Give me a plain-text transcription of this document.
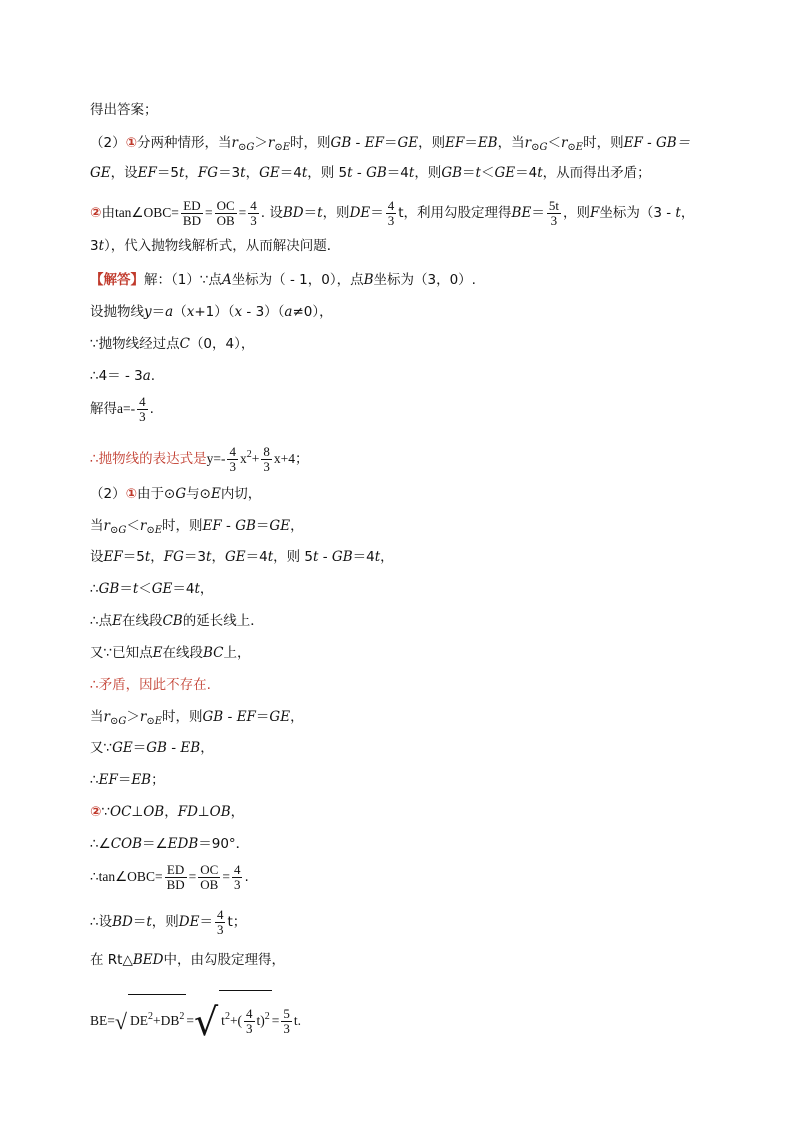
得出答案；
（2）①分两种情形，当$r_{⊙G}>r_{⊙E}$时，则GB - EF＝GE，则EF＝EB，当$r_{⊙G}<r_{⊙E}$时，则EF - GB＝
GE，设EF＝5t，FG＝3t，GE＝4t，则 5t - GB＝4t，则GB＝t＜GE＝4t，从而得出矛盾；
②由tan∠OBC= $\frac{ED}{BD} = \frac{OC}{OB} = \frac{4}{3}$ . 设BD＝t，则$DE= \frac{4}{3}$ t，利用勾股定理得$BE= \frac{5t}{3}$ ，则F坐标为（3 - t，
3t），代入抛物线解析式，从而解决问题．
【解答】解：（1）∵点A坐标为（ - 1，0），点B坐标为（3，0）.
设抛物线y＝a（x+1）（x - 3）（a≠0），
∵抛物线经过点C（0，4），
∴4＝ - 3a.
解得$a=- \frac{4}{3}$ .
∴抛物线的表达式是$y=- \frac{4}{3} x^2+ \frac{8}{3} x+4$；
（2）①由于⊙G与⊙E内切，
当$r_{⊙G}<r_{⊙E}$时，则EF - GB＝GE，
设EF＝5t，FG＝3t，GE＝4t，则 5t - GB＝4t，
∴GB＝t＜GE＝4t，
∴点E在线段CB的延长线上．
又∵已知点E在线段BC上，
∴矛盾，因此不存在.
当$r_{⊙G}>r_{⊙E}$时，则GB - EF＝GE，
又∵GE＝GB - EB，
∴EF＝EB；
②∵OC⊥OB，FD⊥OB，
∴∠COB＝∠EDB＝90°．
∴tan∠OBC= $\frac{ED}{BD} = \frac{OC}{OB} = \frac{4}{3}$ .
∴设BD＝t，则$DE= \frac{4}{3}$ t；
在 Rt△BED中，由勾股定理得，
BE=√ $DE^2+DB^2$ =√ $t^2+( \frac{4}{3} t)^2 = \frac{5}{3} t$.
